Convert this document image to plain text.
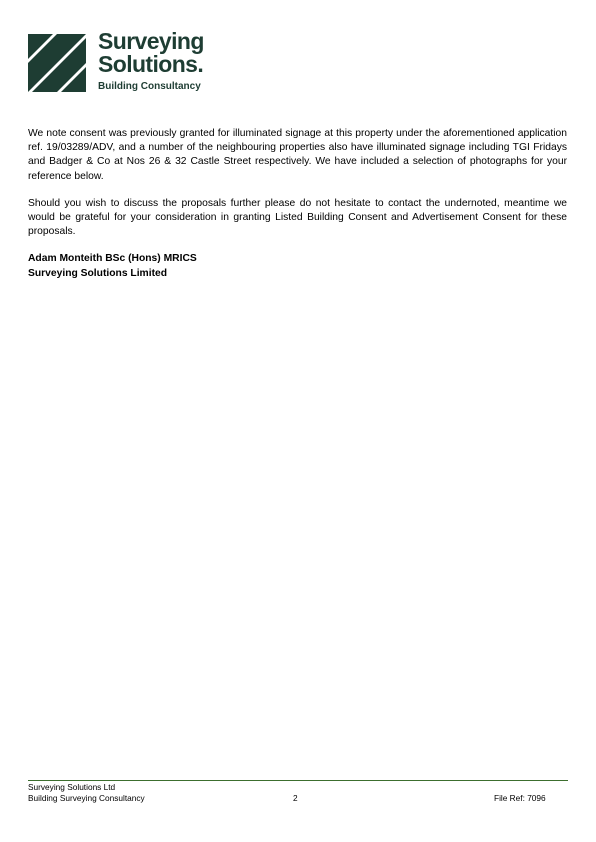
Surveying
Solutions.
Building Consultancy

We note consent was previously granted for illuminated signage at this property under the aforementioned application ref. 19/03289/ADV, and a number of the neighbouring properties also have illuminated signage including TGI Fridays and Badger & Co at Nos 26 & 32 Castle Street respectively. We have included a selection of photographs for your reference below.

Should you wish to discuss the proposals further please do not hesitate to contact the undernoted, meantime we would be grateful for your consideration in granting Listed Building Consent and Advertisement Consent for these proposals.

Adam Monteith BSc (Hons) MRICS
Surveying Solutions Limited
Surveying Solutions Ltd
Building Surveying Consultancy	2	File Ref: 7096
